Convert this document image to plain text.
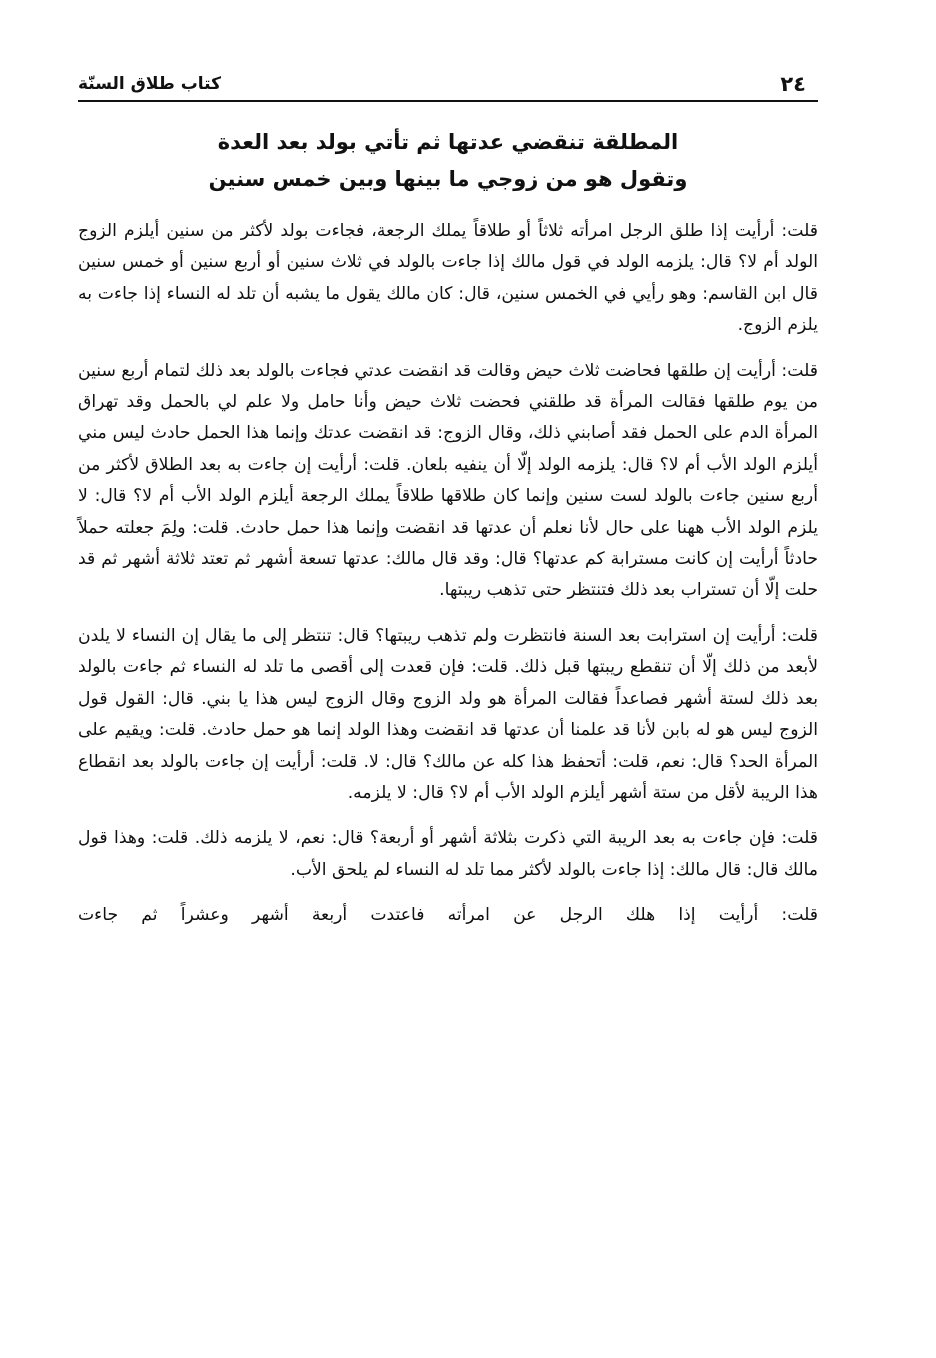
٢٤
كتاب طلاق السنّة
المطلقة تنقضي عدتها ثم تأتي بولد بعد العدة
وتقول هو من زوجي ما بينها وبين خمس سنين

قلت: أرأيت إذا طلق الرجل امرأته ثلاثاً أو طلاقاً يملك الرجعة، فجاءت بولد لأكثر من سنين أيلزم الزوج الولد أم لا؟ قال: يلزمه الولد في قول مالك إذا جاءت بالولد في ثلاث سنين أو أربع سنين أو خمس سنين قال ابن القاسم: وهو رأيي في الخمس سنين، قال: كان مالك يقول ما يشبه أن تلد له النساء إذا جاءت به يلزم الزوج.

قلت: أرأيت إن طلقها فحاضت ثلاث حيض وقالت قد انقضت عدتي فجاءت بالولد بعد ذلك لتمام أربع سنين من يوم طلقها فقالت المرأة قد طلقني فحضت ثلاث حيض وأنا حامل ولا علم لي بالحمل وقد تهراق المرأة الدم على الحمل فقد أصابني ذلك، وقال الزوج: قد انقضت عدتك وإنما هذا الحمل حادث ليس مني أيلزم الولد الأب أم لا؟ قال: يلزمه الولد إلّا أن ينفيه بلعان. قلت: أرأيت إن جاءت به بعد الطلاق لأكثر من أربع سنين جاءت بالولد لست سنين وإنما كان طلاقها طلاقاً يملك الرجعة أيلزم الولد الأب أم لا؟ قال: لا يلزم الولد الأب ههنا على حال لأنا نعلم أن عدتها قد انقضت وإنما هذا حمل حادث. قلت: ولِمَ جعلته حملاً حادثاً أرأيت إن كانت مسترابة كم عدتها؟ قال: وقد قال مالك: عدتها تسعة أشهر ثم تعتد ثلاثة أشهر ثم قد حلت إلّا أن تستراب بعد ذلك فتنتظر حتى تذهب ريبتها.

قلت: أرأيت إن استرابت بعد السنة فانتظرت ولم تذهب ريبتها؟ قال: تنتظر إلى ما يقال إن النساء لا يلدن لأبعد من ذلك إلّا أن تنقطع ريبتها قبل ذلك. قلت: فإن قعدت إلى أقصى ما تلد له النساء ثم جاءت بالولد بعد ذلك لستة أشهر فصاعداً فقالت المرأة هو ولد الزوج وقال الزوج ليس هذا يا بني. قال: القول قول الزوج ليس هو له بابن لأنا قد علمنا أن عدتها قد انقضت وهذا الولد إنما هو حمل حادث. قلت: ويقيم على المرأة الحد؟ قال: نعم، قلت: أتحفظ هذا كله عن مالك؟ قال: لا. قلت: أرأيت إن جاءت بالولد بعد انقطاع هذا الريبة لأقل من ستة أشهر أيلزم الولد الأب أم لا؟ قال: لا يلزمه.

قلت: فإن جاءت به بعد الريبة التي ذكرت بثلاثة أشهر أو أربعة؟ قال: نعم، لا يلزمه ذلك. قلت: وهذا قول مالك قال: قال مالك: إذا جاءت بالولد لأكثر مما تلد له النساء لم يلحق الأب.

قلت: أرأيت إذا هلك الرجل عن امرأته فاعتدت أربعة أشهر وعشراً ثم جاءت
